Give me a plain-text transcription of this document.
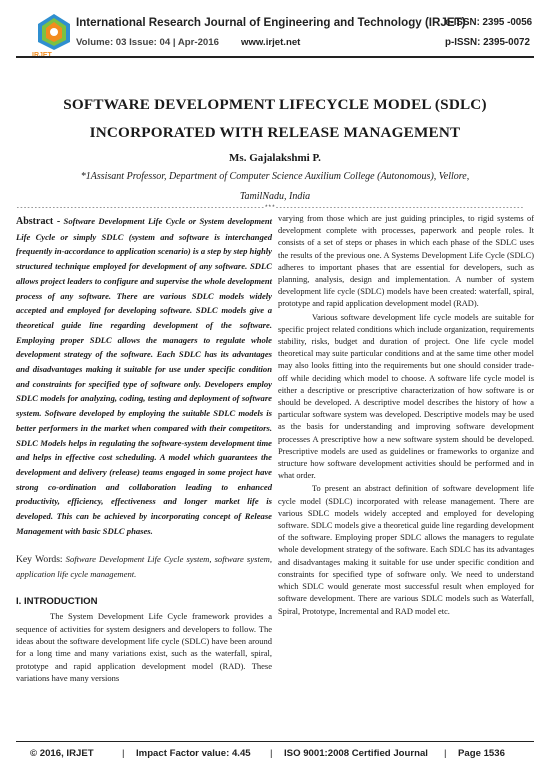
International Research Journal of Engineering and Technology (IRJET)
e-ISSN: 2395 -0056
Volume: 03 Issue: 04 | Apr-2016 www.irjet.net	p-ISSN: 2395-0072
SOFTWARE DEVELOPMENT LIFECYCLE MODEL (SDLC) INCORPORATED WITH RELEASE MANAGEMENT
Ms. Gajalakshmi P.
*1Assisant Professor, Department of Computer Science Auxilium College (Autonomous), Vellore, TamilNadu, India
---------------------------------------------------------------------***---------------------------------------------------------------------
Abstract - Software Development Life Cycle or System development Life Cycle or simply SDLC (system and software is interchanged frequently in-accordance to application scenario) is a step by step highly structured technique employed for development of any software. SDLC allows project leaders to configure and supervise the whole development process of any software. There are various SDLC models widely accepted and employed for developing software. SDLC models give a theoretical guide line regarding development of the software. Employing proper SDLC allows the managers to regulate whole development strategy of the software. Each SDLC has its advantages and disadvantages making it suitable for use under specific condition and constraints for specified type of software only. Developers employ SDLC models for analyzing, coding, testing and deployment of software system. Software developed by employing the suitable SDLC models is better performers in the market when compared with their competitors. SDLC Models helps in regulating the software-system development time and helps in effective cost scheduling. A model which guarantees the development and delivery (release) teams engaged in some project have strong co-ordination and collaboration leading to enhanced productivity, efficiency, effectiveness and longer market life is developed. This can be achieved by incorporating concept of Release Management with basic SDLC phases.
Key Words: Software Development Life Cycle system, software system, application life cycle management.
I. INTRODUCTION
The System Development Life Cycle framework provides a sequence of activities for system designers and developers to follow. The ideas about the software development life cycle (SDLC) have been around for a long time and many variations exist, such as the waterfall, spiral, prototype and rapid application development model (RAD). These variations have many versions
varying from those which are just guiding principles, to rigid systems of development complete with processes, paperwork and people roles. It consists of a set of steps or phases in which each phase of the SDLC uses the results of the previous one. A Systems Development Life Cycle (SDLC) adheres to important phases that are essential for developers, such as planning, analysis, design and implementation. A number of system development life cycle (SDLC) models have been created: waterfall, spiral, prototype and rapid application development model (RAD).
Various software development life cycle models are suitable for specific project related conditions which include organization, requirements stability, risks, budget and duration of project. One life cycle model theoretical may suite particular conditions and at the same time other model may also looks fitting into the requirements but one should consider trade-off while deciding which model to choose. A software life cycle model is either a descriptive or prescriptive characterization of how software is or should be developed. A descriptive model describes the history of how a particular software system was developed. Descriptive models may be used as the basis for understanding and improving software development processes A prescriptive how a new software system should be developed. Prescriptive models are used as guidelines or frameworks to organize and structure how software development activities should be performed and in what order.
To present an abstract definition of software development life cycle model (SDLC) incorporated with release management. There are various SDLC models widely accepted and employed for developing software. SDLC models give a theoretical guide line regarding development of the software. Employing proper SDLC allows the managers to regulate whole development strategy of the software. Each SDLC has its advantages and disadvantages making it suitable for use under specific condition and constraints for specified type of software only. We need to understand which SDLC would generate most successful result when employed for software development. There are various SDLC models such as Waterfall, Spiral, Prototype, Incremental and RAD model etc.
© 2016, IRJET	| Impact Factor value: 4.45 | ISO 9001:2008 Certified Journal | Page 1536
